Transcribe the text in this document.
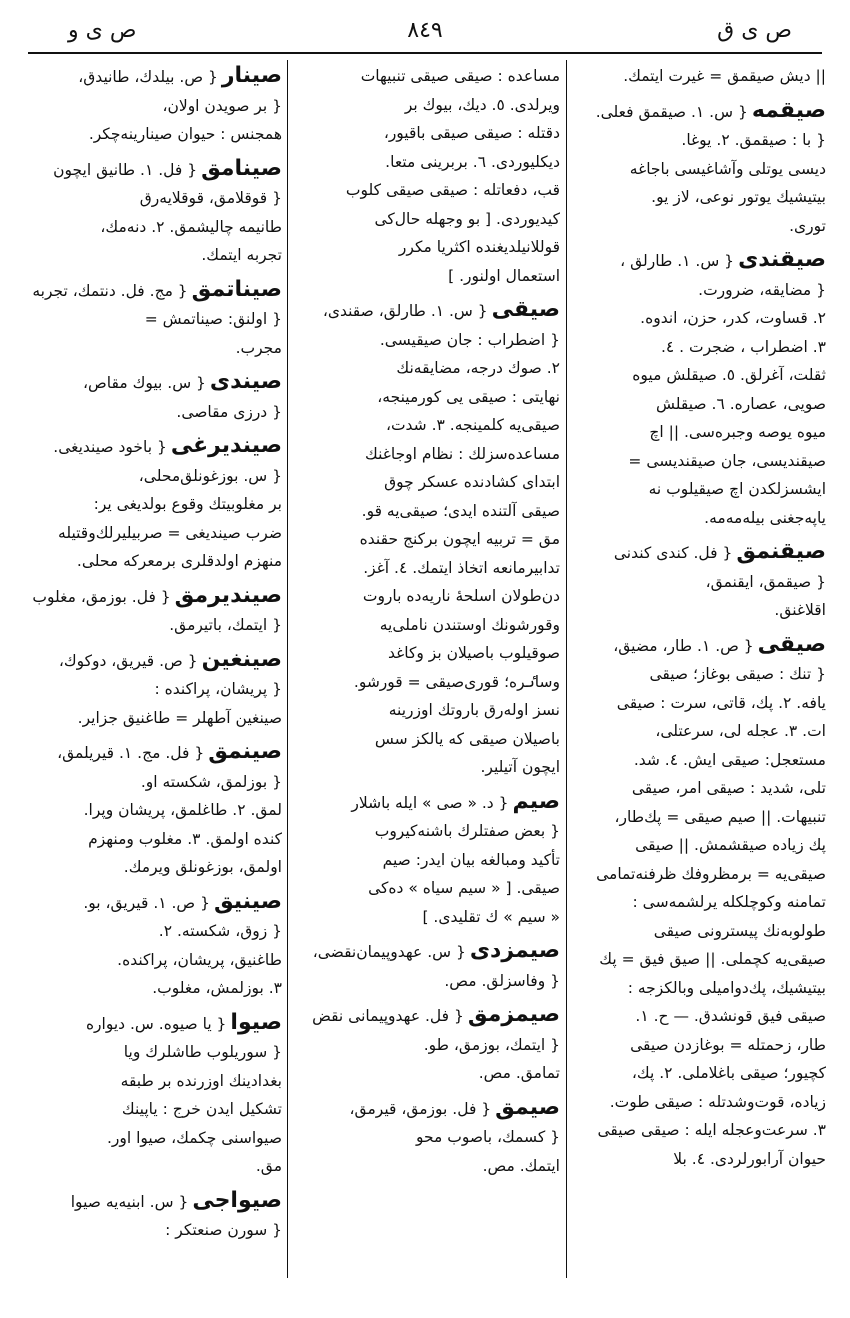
ص ی ق
٨٤٩
ص ی و
|| دیش صیقمق = غیرت ایتمك.
صیقمه{ س. ١. صیقمق فعلی.
{ با : صیقمق. ٢. یوغا.
دیسی یوتلی وآشاغیسی باجاغه
بیتیشیك یوتور نوعی، لاز یو.
توری.
صیقندی{ س. ١. طارلق ،
{ مضایقه، ضرورت.
٢. قساوت، کدر، حزن، اندوه.
٣. اضطراب ، ضجرت . ٤.
ثقلت، آغرلق. ٥. صیقلش میوه
صویی، عصاره. ٦. صیقلش
میوه یوصه وجبره‌سی. || اچ
صیقندیسی، جان صیقندیسی =
ایشسزلکدن اچ صیقیلوب نه
یاپه‌جغنی بیله‌مه‌مه.
صیقنمق{ فل. کندی کندنی
{ صیقمق، ایقنمق،
اقلاغنق.
صیقی{ ص. ١. طار، مضیق،
{ تنك : صیقی بوغاز؛ صیقی
یافه. ٢. پك، قاتی، سرت : صیقی
ات. ٣. عجله لی، سرعتلی،
مستعجل: صیقی ایش. ٤. شد.
تلی، شدید : صیقی امر، صیقی
تنبیهات. || صیم صیقی = پك‌طار،
پك زیاده صیقشمش. || صیقی
صیقی‌یه = برمظروفك ظرفنه‌تمامی
تمامنه وکوچلکله یرلشمه‌سی :
طولوبه‌نك پیسترونی صیقی
صیقی‌یه کچملی. || صیق فیق = پك
بیتیشیك، پك‌دوامیلی وبالکزجه :
صیقی فیق قونشدق. — ح. ١.
طار، زحمتله = بوغازدن صیقی
کچیور؛ صیقی باغلاملی. ٢. پك،
زیاده، قوت‌وشدتله : صیقی طوت.
٣. سرعت‌وعجله ایله : صیقی صیقی
حیوان آرابورلردی. ٤. بلا
مساعده : صیقی صیقی تنبیهات
ویرلدی. ٥. دیك، بیوك بر
دقتله : صیقی صیقی باقیور،
دیکلیوردی. ٦. بربرینی متعا.
قب، دفعاتله : صیقی صیقی کلوب
کیدیوردی. [ بو وجهله حال‌کی
قوللانیلدیغنده اکثریا مکرر
استعمال اولنور. ]
صیقی{ س. ١. طارلق، صقندی،
{ اضطراب : جان صیقیسی.
٢. صوك درجه، مضایقه‌نك
نهایتی : صیقی یی کورمینجه،
صیقی‌یه کلمینجه. ٣. شدت،
مساعده‌سزلك : نظام اوجاغنك
ابتدای کشادنده عسکر چوق
صیقی آلتنده ایدی؛ صیقی‌یه قو.
مق = تربیه ایچون برکنج حقنده
تدابیرمانعه اتخاذ ایتمك. ٤. آغز.
دن‌طولان اسلحهٔ ناریه‌ده باروت
وقورشونك اوستندن ناملی‌یه
صوقیلوب باصیلان بز وکاغد
وساٸره؛ قوری‌صیقی = قورشو.
نسز اوله‌رق باروتك اوزرینه
باصیلان صیقی که یالکز سس
ایچون آتیلیر.
صیم{ د. « صی » ایله باشلار
{ بعض صفتلرك باشنه‌کیروب
تأکید ومبالغه بیان ایدر: صیم
صیقی. [ « سیم سیاه » ده‌کی
« سیم » ك تقلیدی. ]
صیمزدی{ س. عهدوپیمان‌نقضی،
{ وفاسزلق. مص.
صیمزمق{ فل. عهدوپیمانی نقض
{ ایتمك، بوزمق، طو.
تمامق. مص.
صیمق{ فل. بوزمق، قیرمق،
{ کسمك، باصوب محو
ایتمك. مص.
صینار{ ص. بیلدك، طانیدق،
{ بر صویدن اولان،
همجنس : حیوان صینارینه‌چکر.
صینامق{ فل. ١. طانیق ایچون
{ قوقلامق، قوقلایه‌رق
طانیمه چالیشمق. ٢. دنه‌مك،
تجربه ایتمك.
صیناتمق{ مج. فل. دنتمك، تجربه
{ اولنق: صیناتمش =
مجرب.
صیندی{ س. بیوك مقاص،
{ درزی مقاصی.
صیندیرغی{ باخود صیندیغی.
{ س. بوزغونلق‌محلی،
بر مغلوبیتك وقوع بولدیغی یر:
ضرب صیندیغی = صربیلیرلك‌وقتیله
منهزم اولدقلری برمعرکه محلی.
صیندیرمق{ فل. بوزمق، مغلوب
{ ایتمك، باتیرمق.
صینغین{ ص. قیریق، دوکوك،
{ پریشان، پراکنده :
صینغین آطهلر = طاغنیق جزایر.
صینمق{ فل. مج. ١. قیریلمق،
{ بوزلمق، شکسته او.
لمق. ٢. طاغلمق، پریشان وپرا.
کنده اولمق. ٣. مغلوب ومنهزم
اولمق، بوزغونلق ویرمك.
صینیق{ ص. ١. قیریق، بو.
{ زوق، شکسته. ٢.
طاغنیق، پریشان، پراکنده.
٣. بوزلمش، مغلوب.
صیوا{ یا صیوه. س. دیواره
{ سوریلوب طاشلرك ویا
بغدادینك اوزرنده بر طبقه
تشکیل ایدن خرج : یاپینك
صیواسنی چکمك، صیوا اور.
مق.
صیواجی{ س. ابنیه‌یه صیوا
{ سورن صنعتکر :
